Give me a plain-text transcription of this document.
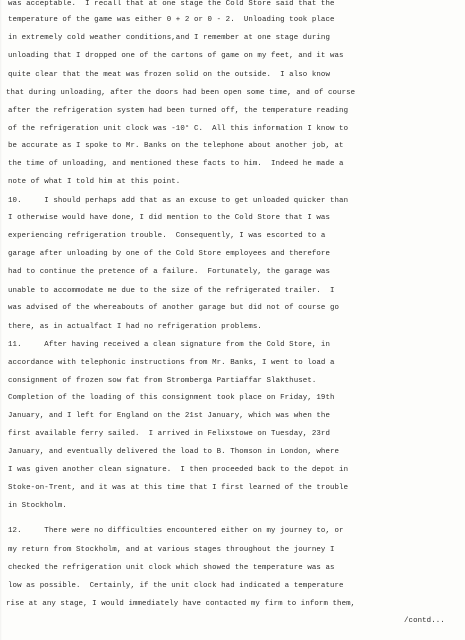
was acceptable.  I recall that at one stage the Cold Store said that the
temperature of the game was either 0 + 2 or 0 - 2.  Unloading took place
in extremely cold weather conditions,and I remember at one stage during
unloading that I dropped one of the cartons of game on my feet, and it was
quite clear that the meat was frozen solid on the outside.  I also know
that during unloading, after the doors had been open some time, and of course
after the refrigeration system had been turned off, the temperature reading
of the refrigeration unit clock was -10° C.  All this information I know to
be accurate as I spoke to Mr. Banks on the telephone about another job, at
the time of unloading, and mentioned these facts to him.  Indeed he made a
note of what I told him at this point.
10.     I should perhaps add that as an excuse to get unloaded quicker than
I otherwise would have done, I did mention to the Cold Store that I was
experiencing refrigeration trouble.  Consequently, I was escorted to a
garage after unloading by one of the Cold Store employees and therefore
had to continue the pretence of a failure.  Fortunately, the garage was
unable to accommodate me due to the size of the refrigerated trailer.  I
was advised of the whereabouts of another garage but did not of course go
there, as in actualfact I had no refrigeration problems.
11.     After having received a clean signature from the Cold Store, in
accordance with telephonic instructions from Mr. Banks, I went to load a
consignment of frozen sow fat from Stromberga Partiaffar Slakthuset.
Completion of the loading of this consignment took place on Friday, 19th
January, and I left for England on the 21st January, which was when the
first available ferry sailed.  I arrived in Felixstowe on Tuesday, 23rd
January, and eventually delivered the load to B. Thomson in London, where
I was given another clean signature.  I then proceeded back to the depot in
Stoke-on-Trent, and it was at this time that I first learned of the trouble
in Stockholm.
12.     There were no difficulties encountered either on my journey to, or
my return from Stockholm, and at various stages throughout the journey I
checked the refrigeration unit clock which showed the temperature was as
low as possible.  Certainly, if the unit clock had indicated a temperature
rise at any stage, I would immediately have contacted my firm to inform them,
/contd...
